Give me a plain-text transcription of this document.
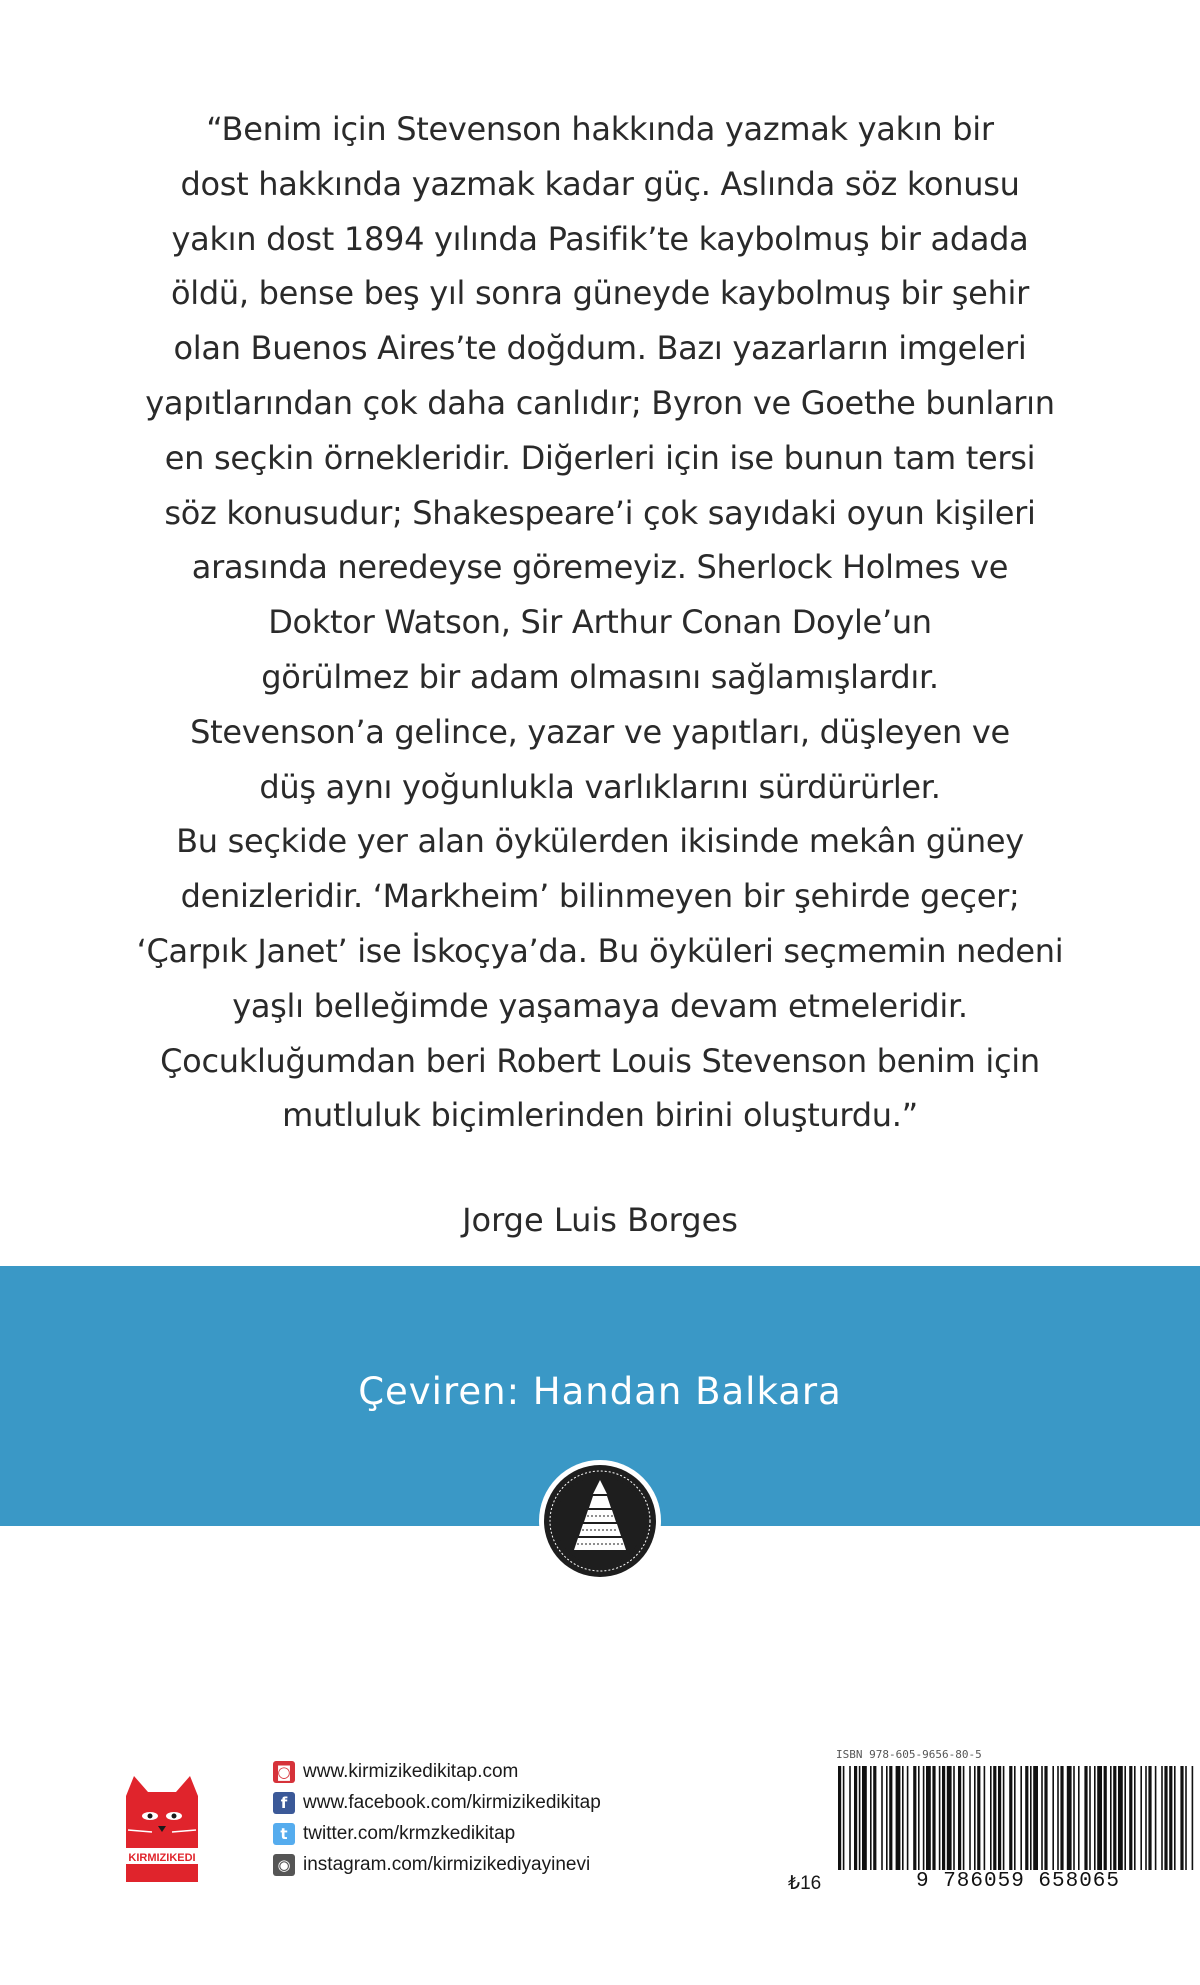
“Benim için Stevenson hakkında yazmak yakın bir
dost hakkında yazmak kadar güç. Aslında söz konusu
yakın dost 1894 yılında Pasifik’te kaybolmuş bir adada
öldü, bense beş yıl sonra güneyde kaybolmuş bir şehir
olan Buenos Aires’te doğdum. Bazı yazarların imgeleri
yapıtlarından çok daha canlıdır; Byron ve Goethe bunların
en seçkin örnekleridir. Diğerleri için ise bunun tam tersi
söz konusudur; Shakespeare’i çok sayıdaki oyun kişileri
arasında neredeyse göremeyiz. Sherlock Holmes ve
Doktor Watson, Sir Arthur Conan Doyle’un
görülmez bir adam olmasını sağlamışlardır.
Stevenson’a gelince, yazar ve yapıtları, düşleyen ve
düş aynı yoğunlukla varlıklarını sürdürürler.
Bu seçkide yer alan öykülerden ikisinde mekân güney
denizleridir. ‘Markheim’ bilinmeyen bir şehirde geçer;
‘Çarpık Janet’ ise İskoçya’da. Bu öyküleri seçmemin nedeni
yaşlı belleğimde yaşamaya devam etmeleridir.
Çocukluğumdan beri Robert Louis Stevenson benim için
mutluluk biçimlerinden birini oluşturdu.”
Jorge Luis Borges
Çeviren: Handan Balkara
KIRMIZIKEDI
◙ www.kirmizikedikitap.com
f www.facebook.com/kirmizikedikitap
t twitter.com/krmzkedikitap
◉ instagram.com/kirmizikediyayinevi
₺16
ISBN 978-605-9656-80-5
9 786059 658065
